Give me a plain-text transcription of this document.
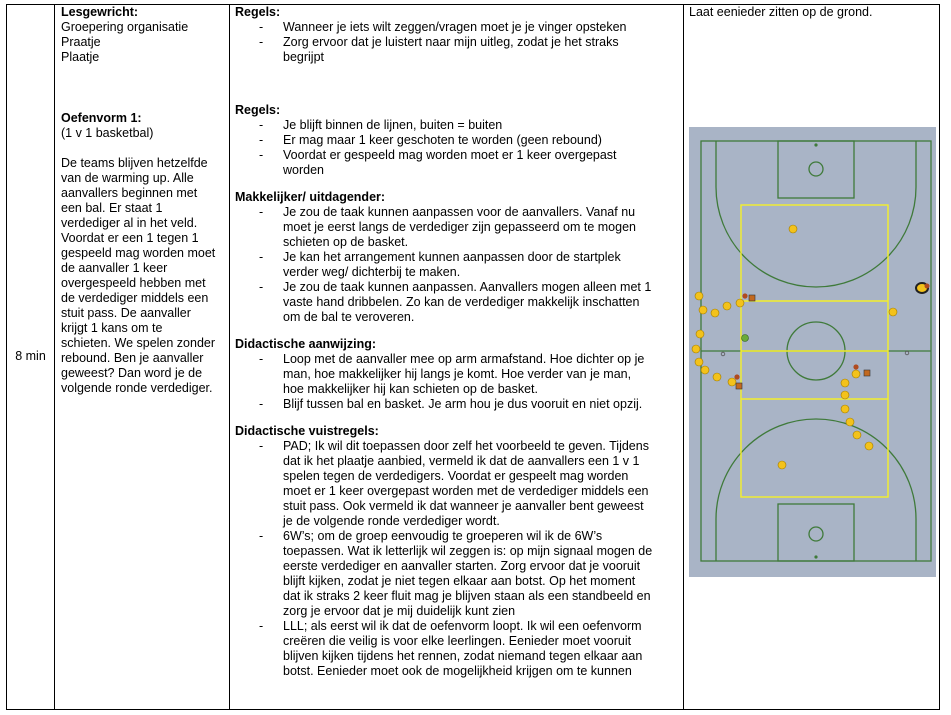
8 min
Lesgewricht:
Groepering organisatie
Praatje
Plaatje
Oefenvorm 1:
(1 v 1 basketbal)
De teams blijven hetzelfde
van de warming up. Alle
aanvallers beginnen met
een bal. Er staat 1
verdediger al in het veld.
Voordat er een 1 tegen 1
gespeeld mag worden moet
de aanvaller 1 keer
overgespeeld hebben met
de verdediger middels een
stuit pass. De aanvaller
krijgt 1 kans om te
schieten. We spelen zonder
rebound. Ben je aanvaller
geweest? Dan word je de
volgende ronde verdediger.
Regels:
- Wanneer je iets wilt zeggen/vragen moet je je vinger opsteken
- Zorg ervoor dat je luistert naar mijn uitleg, zodat je het straks
begrijpt
Regels:
- Je blijft binnen de lijnen, buiten = buiten
- Er mag maar 1 keer geschoten te worden (geen rebound)
- Voordat er gespeeld mag worden moet er 1 keer overgepast
worden
Makkelijker/ uitdagender:
- Je zou de taak kunnen aanpassen voor de aanvallers. Vanaf nu
moet je eerst langs de verdediger zijn gepasseerd om te mogen
schieten op de basket.
- Je kan het arrangement kunnen aanpassen door de startplek
verder weg/ dichterbij te maken.
- Je zou de taak kunnen aanpassen. Aanvallers mogen alleen met 1
vaste hand dribbelen. Zo kan de verdediger makkelijk inschatten
om de bal te veroveren.
Didactische aanwijzing:
- Loop met de aanvaller mee op arm armafstand. Hoe dichter op je
man, hoe makkelijker hij langs je komt. Hoe verder van je man,
hoe makkelijker hij kan schieten op de basket.
- Blijf tussen bal en basket. Je arm hou je dus vooruit en niet opzij.
Didactische vuistregels:
- PAD; Ik wil dit toepassen door zelf het voorbeeld te geven. Tijdens
dat ik het plaatje aanbied, vermeld ik dat de aanvallers een 1 v 1
spelen tegen de verdedigers. Voordat er gespeelt mag worden
moet er 1 keer overgepast worden met de verdediger middels een
stuit pass. Ook vermeld ik dat wanneer je aanvaller bent geweest
je de volgende ronde verdediger wordt.
- 6W’s; om de groep eenvoudig te groeperen wil ik de 6W’s
toepassen. Wat ik letterlijk wil zeggen is: op mijn signaal mogen de
eerste verdediger en aanvaller starten. Zorg ervoor dat je vooruit
blijft kijken, zodat je niet tegen elkaar aan botst. Op het moment
dat ik straks 2 keer fluit mag je blijven staan als een standbeeld en
zorg je ervoor dat je mij duidelijk kunt zien
- LLL; als eerst wil ik dat de oefenvorm loopt. Ik wil een oefenvorm
creëren die veilig is voor elke leerlingen. Eenieder moet vooruit
blijven kijken tijdens het rennen, zodat niemand tegen elkaar aan
botst. Eenieder moet ook de mogelijkheid krijgen om te kunnen
Laat eenieder zitten op de grond.
